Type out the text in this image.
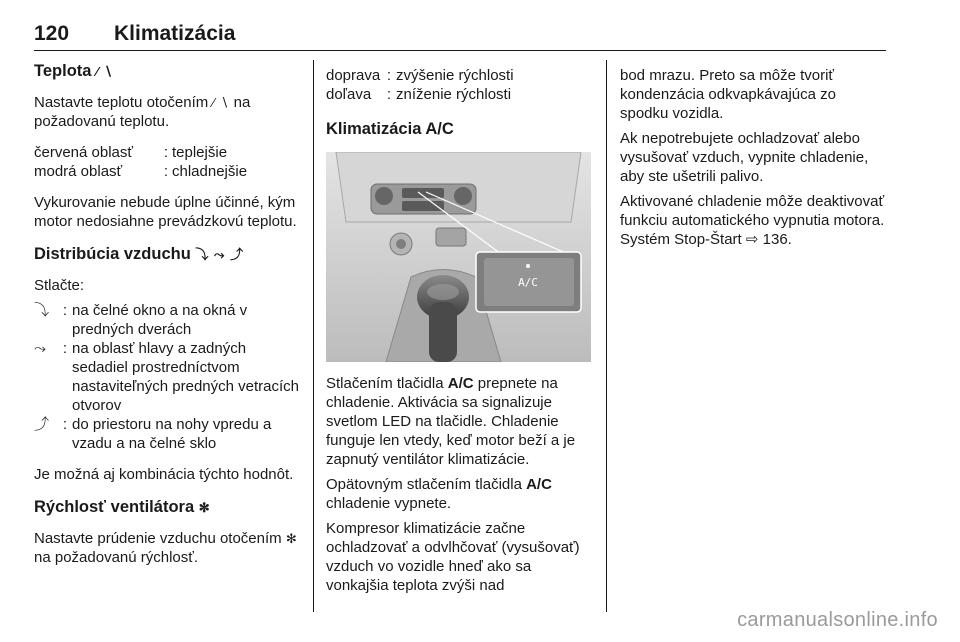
120 Klimatizácia
Teplota ∕ ∖

Nastavte teplotu otočením ∕ ∖ na požadovanú teplotu.

červená oblasť	: teplejšie
modrá oblasť	: chladnejšie

Vykurovanie nebude úplne účinné, kým motor nedosiahne prevádzkovú teplotu.

Distribúcia vzduchu ⤵ ⤳ ⤴

Stlačte:

⤵ : na čelné okno a na okná v predných dverách
⤳	: na oblasť hlavy a zadných sedadiel prostredníctvom nastaviteľných predných vetracích otvorov
⤴ : do priestoru na nohy vpredu a vzadu a na čelné sklo

Je možná aj kombinácia týchto hodnôt.

Rýchlosť ventilátora ✻

Nastavte prúdenie vzduchu otočením ✻ na požadovanú rýchlosť.

doprava : zvýšenie rýchlosti
doľava	: zníženie rýchlosti
Klimatizácia A/C
A/C

Stlačením tlačidla A/C prepnete na chladenie. Aktivácia sa signalizuje svetlom LED na tlačidle. Chladenie funguje len vtedy, keď motor beží a je zapnutý ventilátor klimatizácie.

Opätovným stlačením tlačidla A/C chladenie vypnete.

Kompresor klimatizácie začne ochladzovať a odvlhčovať (vysušovať) vzduch vo vozidle hneď ako sa vonkajšia teplota zvýši nad

bod mrazu. Preto sa môže tvoriť kondenzácia odkvapkávajúca zo spodku vozidla.

Ak nepotrebujete ochladzovať alebo vysušovať vzduch, vypnite chladenie, aby ste ušetrili palivo.

Aktivované chladenie môže deaktivovať funkciu automatického vypnutia motora. Systém Stop-Štart ⇨ 136.

carmanualsonline.info
